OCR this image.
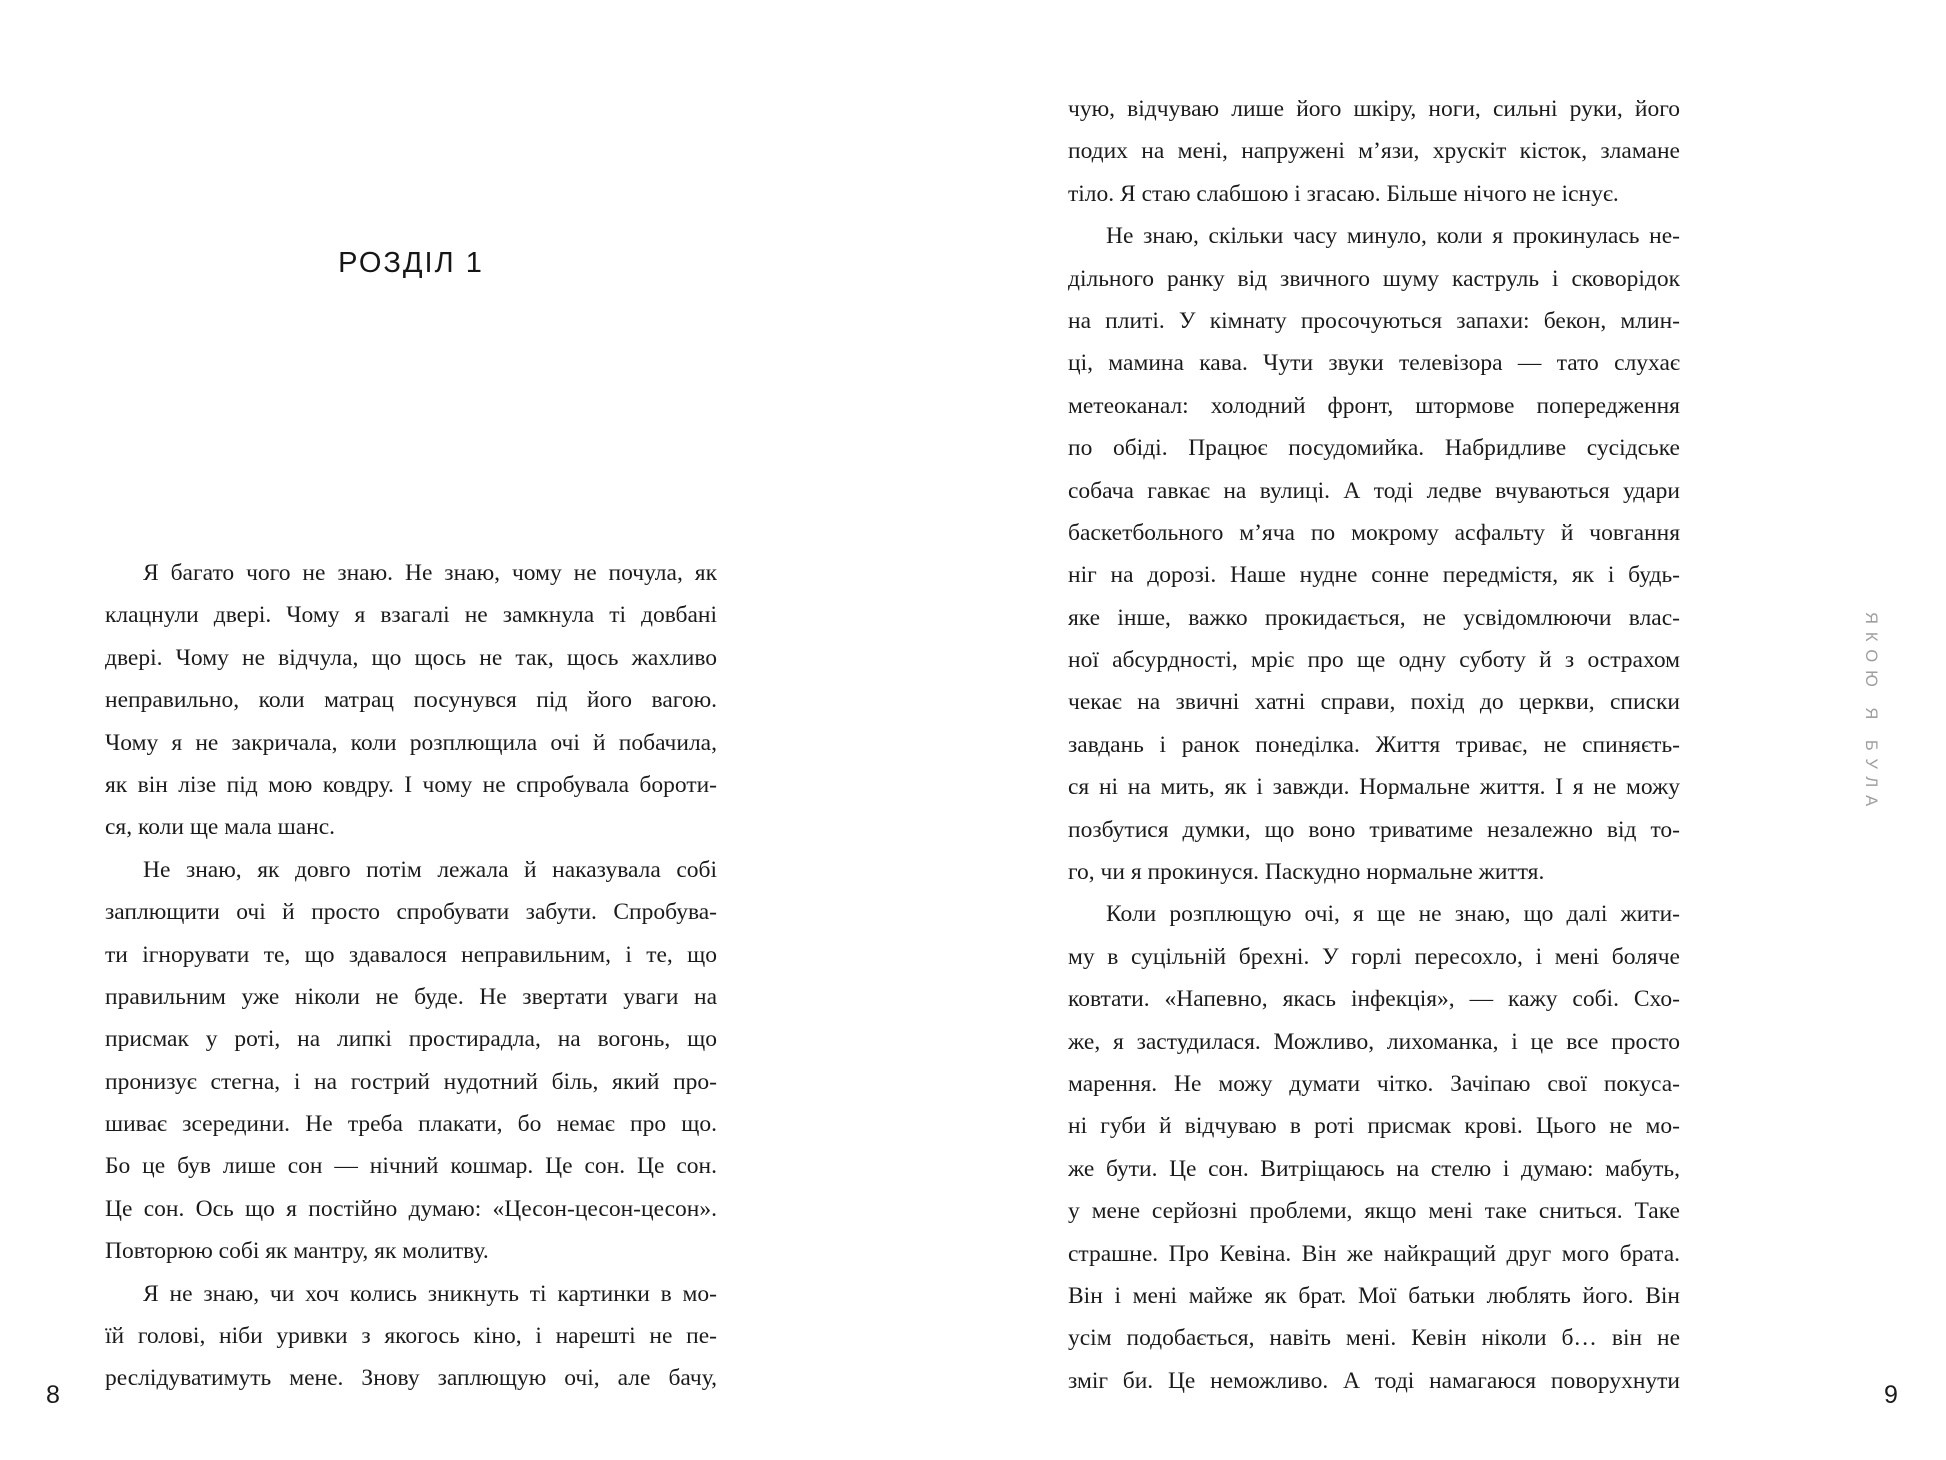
РОЗДІЛ 1
Я багато чого не знаю. Не знаю, чому не почула, як
клацнули двері. Чому я взагалі не замкнула ті довбані
двері. Чому не відчула, що щось не так, щось жахливо
неправильно, коли матрац посунувся під його вагою.
Чому я не закричала, коли розплющила очі й побачила,
як він лізе під мою ковдру. І чому не спробувала бороти-
ся, коли ще мала шанс.
Не знаю, як довго потім лежала й наказувала собі
заплющити очі й просто спробувати забути. Спробува-
ти ігнорувати те, що здавалося неправильним, і те, що
правильним уже ніколи не буде. Не звертати уваги на
присмак у роті, на липкі простирадла, на вогонь, що
пронизує стегна, і на гострий нудотний біль, який про-
шиває зсередини. Не треба плакати, бо немає про що.
Бо це був лише сон — нічний кошмар. Це сон. Це сон.
Це сон. Ось що я постійно думаю: «Цесон-цесон-цесон».
Повторюю собі як мантру, як молитву.
Я не знаю, чи хоч колись зникнуть ті картинки в мо-
їй голові, ніби уривки з якогось кіно, і нарешті не пе-
реслідуватимуть мене. Знову заплющую очі, але бачу,
8
чую, відчуваю лише його шкіру, ноги, сильні руки, його
подих на мені, напружені м’язи, хрускіт кісток, зламане
тіло. Я стаю слабшою і згасаю. Більше нічого не існує.
Не знаю, скільки часу минуло, коли я прокинулась не-
дільного ранку від звичного шуму каструль і сковорідок
на плиті. У кімнату просочуються запахи: бекон, млин-
ці, мамина кава. Чути звуки телевізора — тато слухає
метеоканал: холодний фронт, штормове попередження
по обіді. Працює посудомийка. Набридливе сусідське
собача гавкає на вулиці. А тоді ледве вчуваються удари
баскетбольного м’яча по мокрому асфальту й човгання
ніг на дорозі. Наше нудне сонне передмістя, як і будь-
яке інше, важко прокидається, не усвідомлюючи влас-
ної абсурдності, мріє про ще одну суботу й з острахом
чекає на звичні хатні справи, похід до церкви, списки
завдань і ранок понеділка. Життя триває, не спиняєть-
ся ні на мить, як і завжди. Нормальне життя. І я не можу
позбутися думки, що воно триватиме незалежно від то-
го, чи я прокинуся. Паскудно нормальне життя.
Коли розплющую очі, я ще не знаю, що далі жити-
му в суцільній брехні. У горлі пересохло, і мені боляче
ковтати. «Напевно, якась інфекція», — кажу собі. Схо-
же, я застудилася. Можливо, лихоманка, і це все просто
марення. Не можу думати чітко. Зачіпаю свої покуса-
ні губи й відчуваю в роті присмак крові. Цього не мо-
же бути. Це сон. Витріщаюсь на стелю і думаю: мабуть,
у мене серйозні проблеми, якщо мені таке сниться. Таке
страшне. Про Кевіна. Він же найкращий друг мого брата.
Він і мені майже як брат. Мої батьки люблять його. Він
усім подобається, навіть мені. Кевін ніколи б… він не
зміг би. Це неможливо. А тоді намагаюся поворухнути
ЯКОЮ Я БУЛА
9
